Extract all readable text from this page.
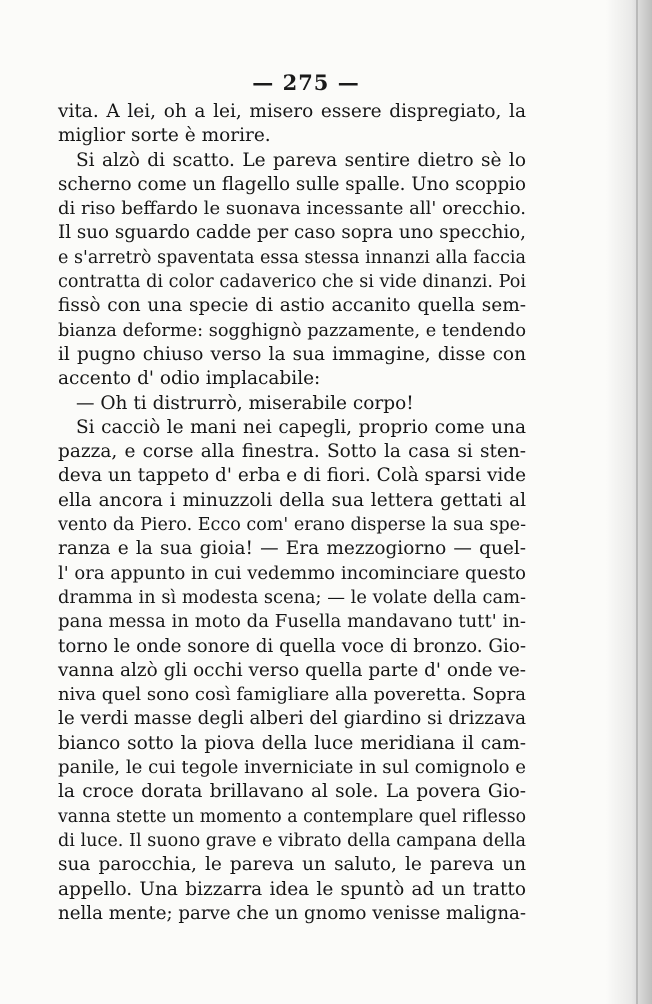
— 275 —
vita. A lei, oh a lei, misero essere dispregiato, la
miglior sorte è morire.
Si alzò di scatto. Le pareva sentire dietro sè lo
scherno come un flagello sulle spalle. Uno scoppio
di riso beffardo le suonava incessante all' orecchio.
Il suo sguardo cadde per caso sopra uno specchio,
e s'arretrò spaventata essa stessa innanzi alla faccia
contratta di color cadaverico che si vide dinanzi. Poi
fissò con una specie di astio accanito quella sem-
bianza deforme: sogghignò pazzamente, e tendendo
il pugno chiuso verso la sua immagine, disse con
accento d' odio implacabile:
— Oh ti distrurrò, miserabile corpo!
Si cacciò le mani nei capegli, proprio come una
pazza, e corse alla finestra. Sotto la casa si sten-
deva un tappeto d' erba e di fiori. Colà sparsi vide
ella ancora i minuzzoli della sua lettera gettati al
vento da Piero. Ecco com' erano disperse la sua spe-
ranza e la sua gioia! — Era mezzogiorno — quel-
l' ora appunto in cui vedemmo incominciare questo
dramma in sì modesta scena; — le volate della cam-
pana messa in moto da Fusella mandavano tutt' in-
torno le onde sonore di quella voce di bronzo. Gio-
vanna alzò gli occhi verso quella parte d' onde ve-
niva quel sono così famigliare alla poveretta. Sopra
le verdi masse degli alberi del giardino si drizzava
bianco sotto la piova della luce meridiana il cam-
panile, le cui tegole inverniciate in sul comignolo e
la croce dorata brillavano al sole. La povera Gio-
vanna stette un momento a contemplare quel riflesso
di luce. Il suono grave e vibrato della campana della
sua parocchia, le pareva un saluto, le pareva un
appello. Una bizzarra idea le spuntò ad un tratto
nella mente; parve che un gnomo venisse maligna-
